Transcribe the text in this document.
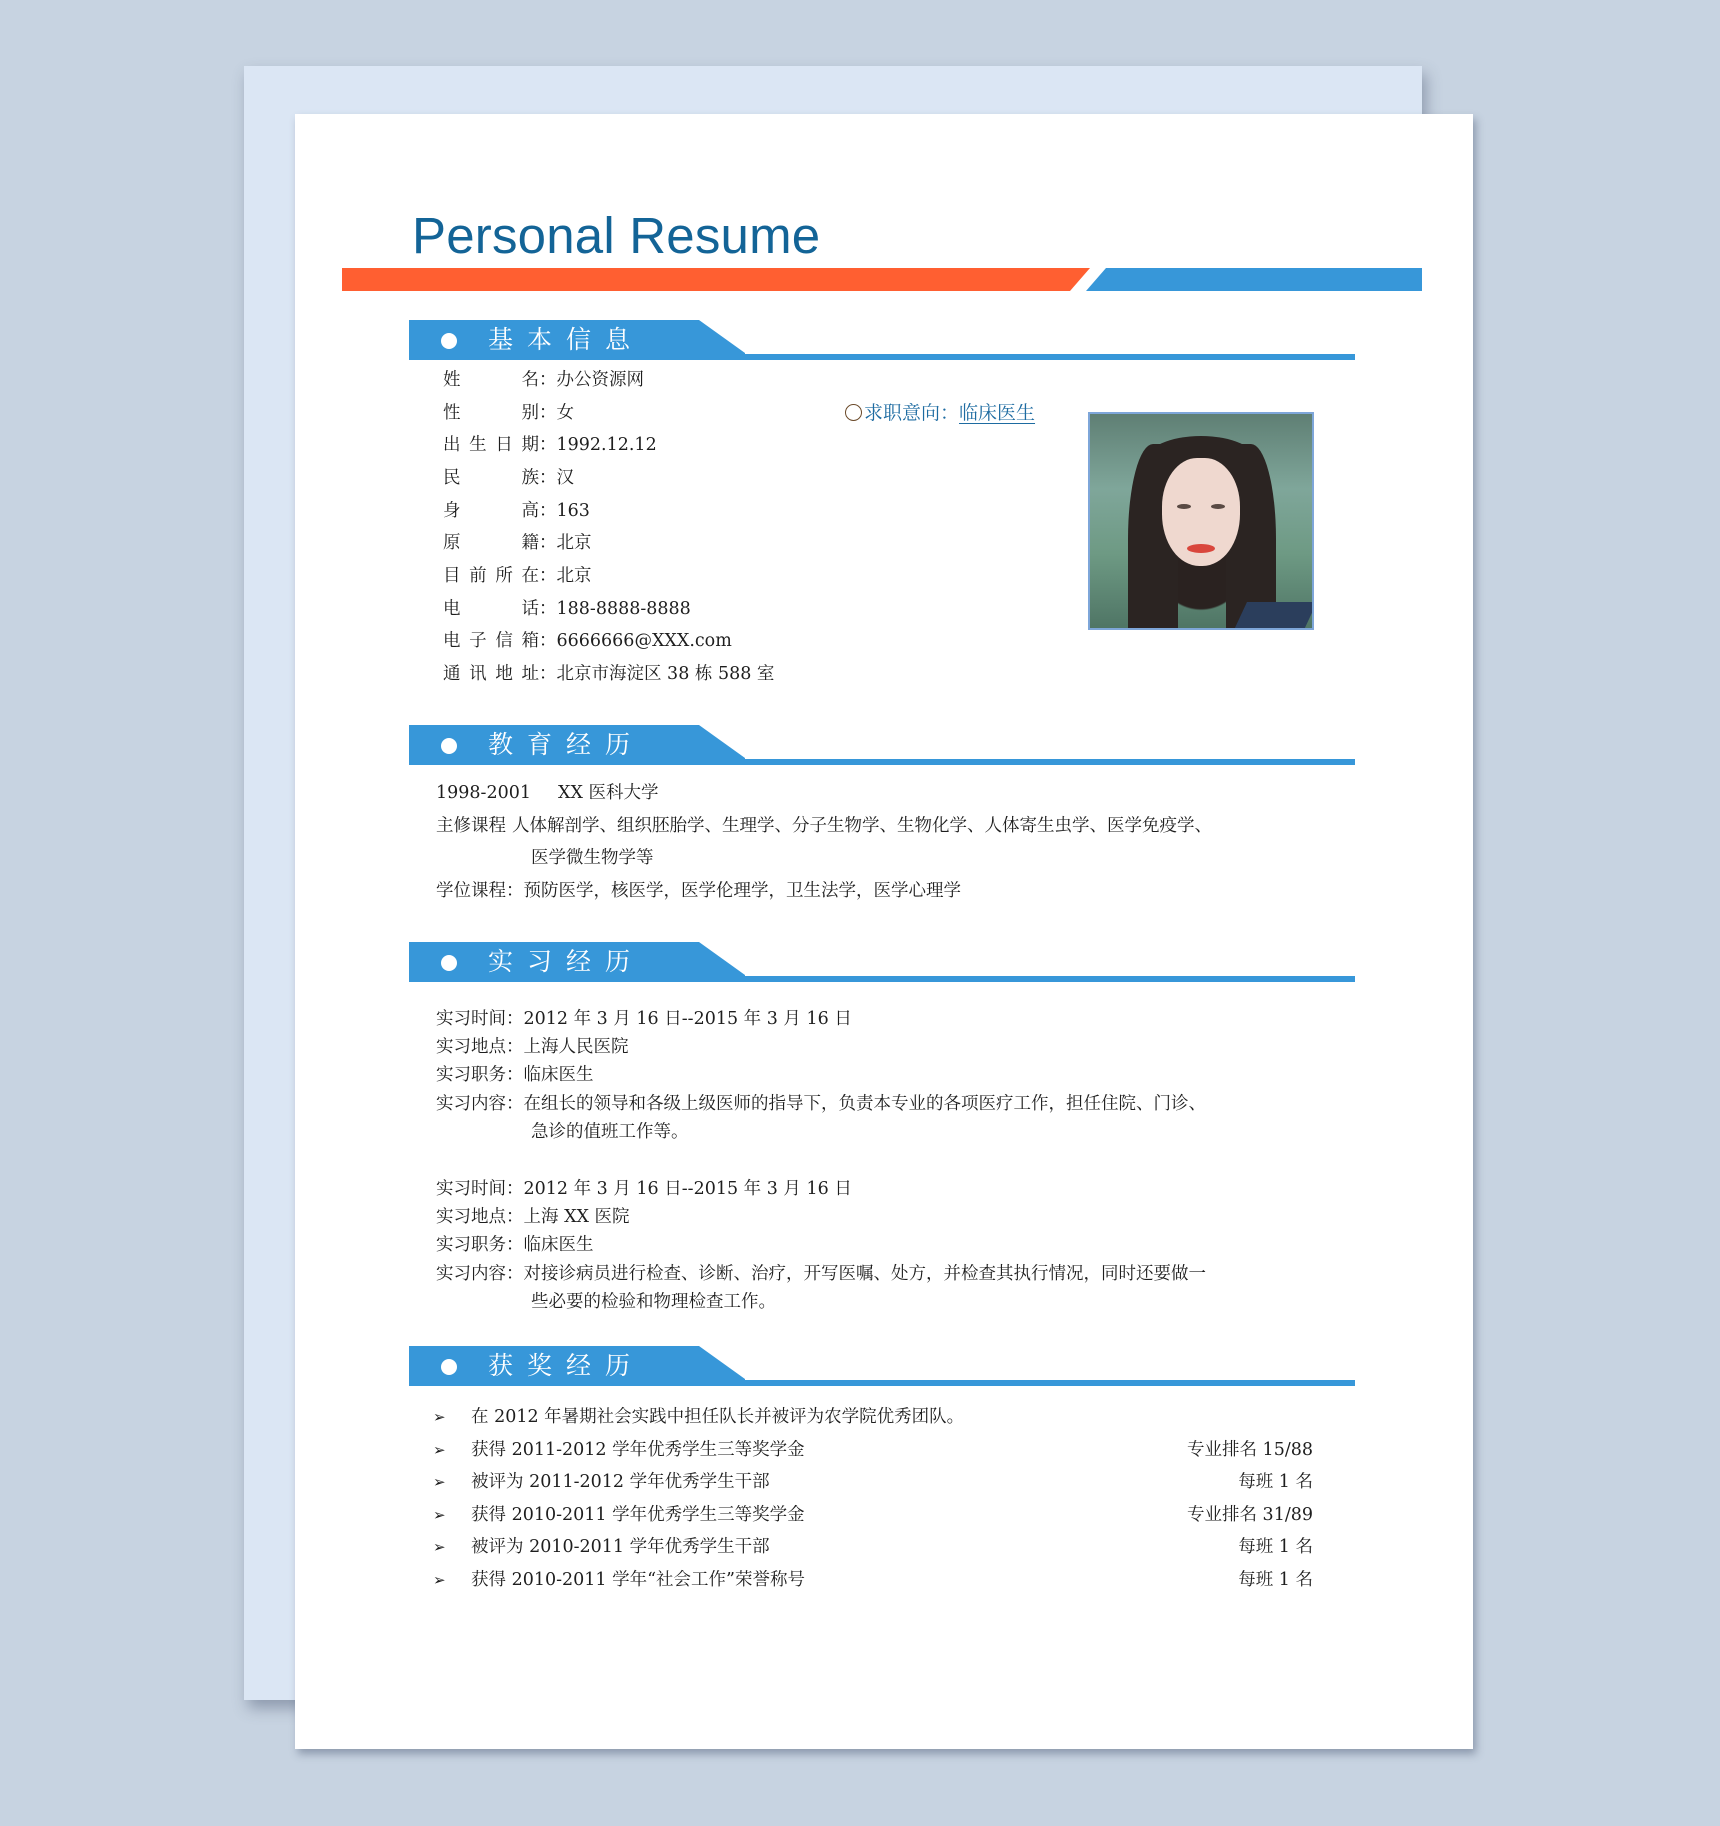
Personal Resume
基本信息
姓名：办公资源网
性别：女
出生日期：1992.12.12
民族：汉
身高：163
原籍：北京
目前所在：北京
电话：188-8888-8888
电子信箱：6666666@XXX.com
通讯地址：北京市海淀区 38 栋 588 室
求职意向：临床医生
教育经历
1998-2001 XX 医科大学
主修课程 人体解剖学、组织胚胎学、生理学、分子生物学、生物化学、人体寄生虫学、医学免疫学、
医学微生物学等
学位课程：预防医学，核医学，医学伦理学，卫生法学，医学心理学
实习经历
实习时间：2012 年 3 月 16 日--2015 年 3 月 16 日
实习地点：上海人民医院
实习职务：临床医生
实习内容：在组长的领导和各级上级医师的指导下，负责本专业的各项医疗工作，担任住院、门诊、
急诊的值班工作等。
实习时间：2012 年 3 月 16 日--2015 年 3 月 16 日
实习地点：上海 XX 医院
实习职务：临床医生
实习内容：对接诊病员进行检查、诊断、治疗，开写医嘱、处方，并检查其执行情况，同时还要做一
些必要的检验和物理检查工作。
获奖经历
➢ 在 2012 年暑期社会实践中担任队长并被评为农学院优秀团队。
➢ 获得 2011-2012 学年优秀学生三等奖学金	专业排名 15/88
➢ 被评为 2011-2012 学年优秀学生干部	每班 1 名
➢ 获得 2010-2011 学年优秀学生三等奖学金	专业排名 31/89
➢ 被评为 2010-2011 学年优秀学生干部	每班 1 名
➢ 获得 2010-2011 学年“社会工作”荣誉称号	每班 1 名
